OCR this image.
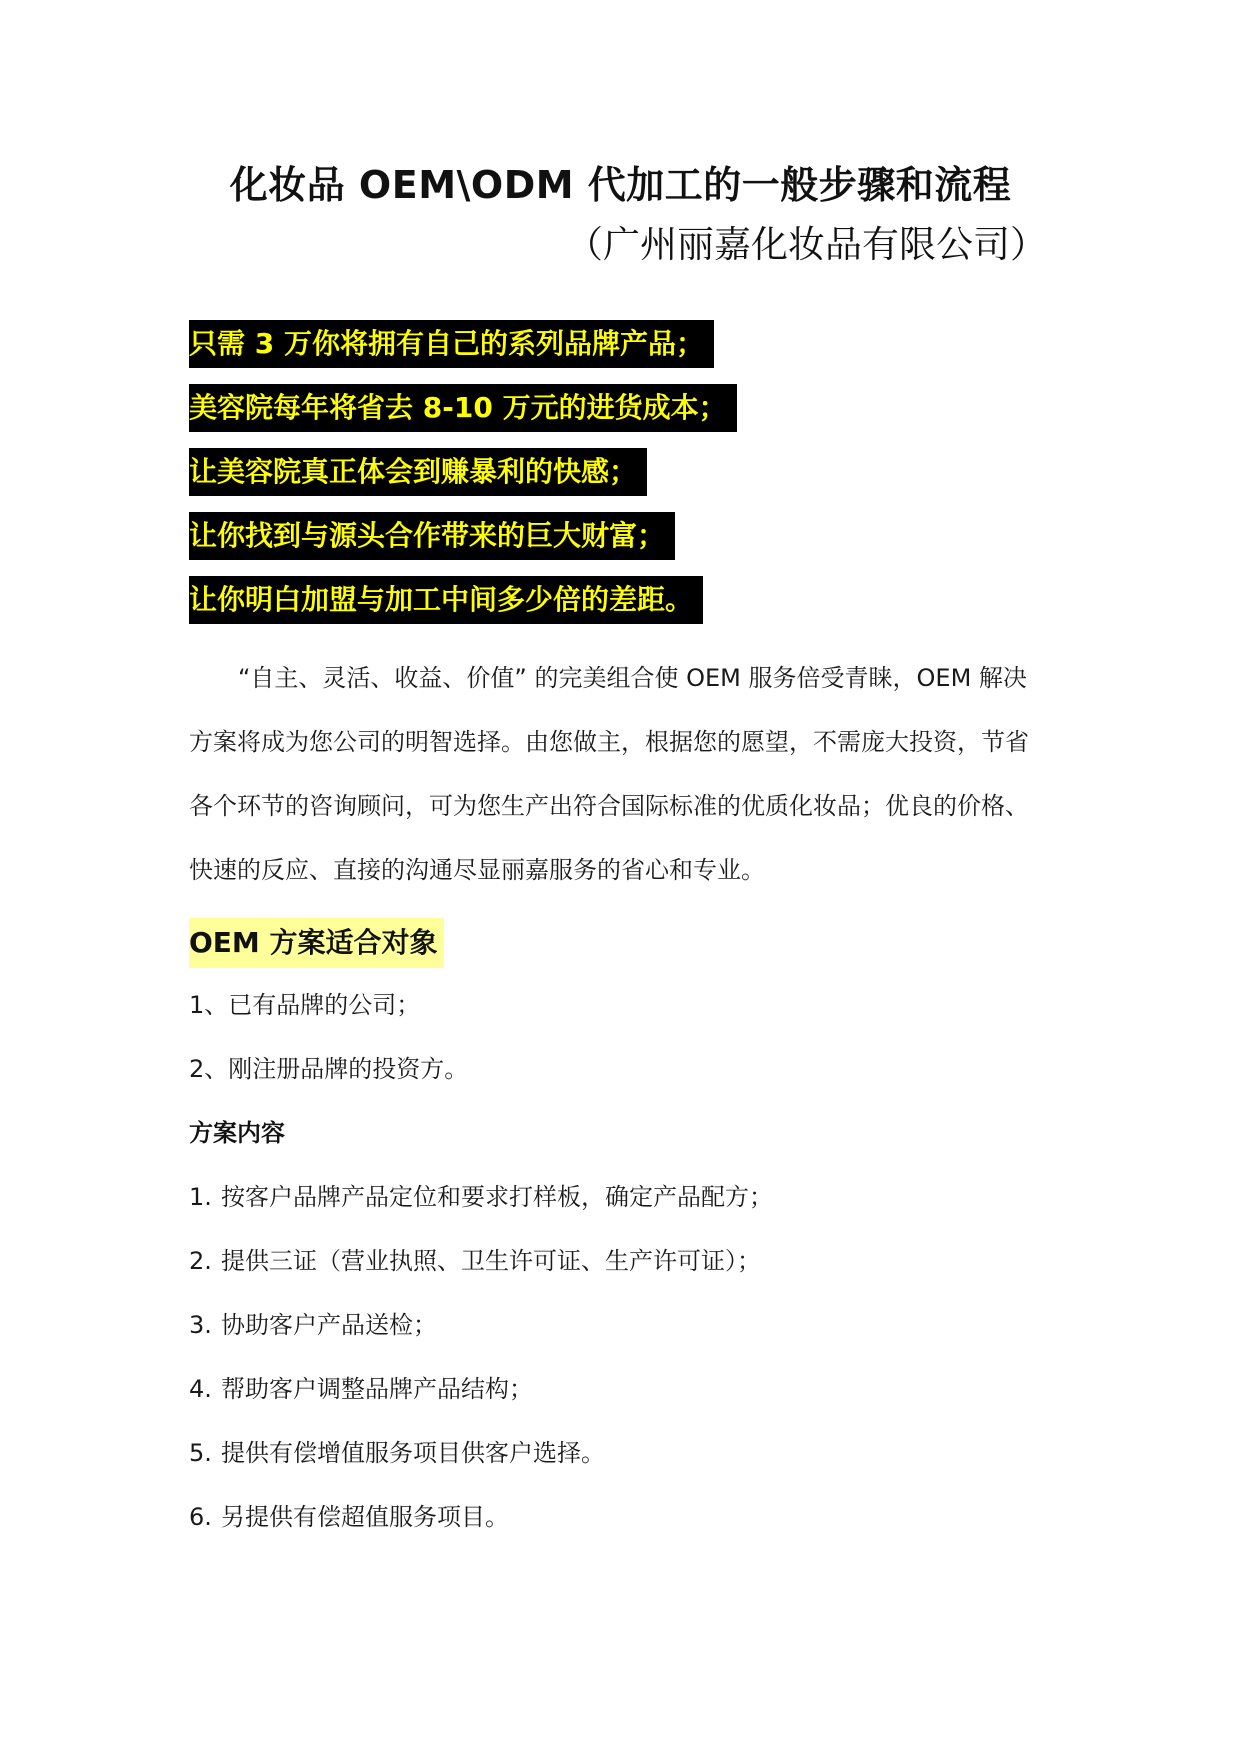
化妆品 OEM\ODM 代加工的一般步骤和流程
（广州丽嘉化妆品有限公司）
只需 3 万你将拥有自己的系列品牌产品；
美容院每年将省去 8-10 万元的进货成本；
让美容院真正体会到赚暴利的快感；
让你找到与源头合作带来的巨大财富；
让你明白加盟与加工中间多少倍的差距。
“自主、灵活、收益、价值” 的完美组合使 OEM 服务倍受青睐，OEM 解决
方案将成为您公司的明智选择。由您做主，根据您的愿望，不需庞大投资，节省
各个环节的咨询顾问，可为您生产出符合国际标准的优质化妆品；优良的价格、
快速的反应、直接的沟通尽显丽嘉服务的省心和专业。
OEM 方案适合对象
1、已有品牌的公司；
2、刚注册品牌的投资方。
方案内容
1. 按客户品牌产品定位和要求打样板，确定产品配方；
2. 提供三证（营业执照、卫生许可证、生产许可证）；
3. 协助客户产品送检；
4. 帮助客户调整品牌产品结构；
5. 提供有偿增值服务项目供客户选择。
6. 另提供有偿超值服务项目。
